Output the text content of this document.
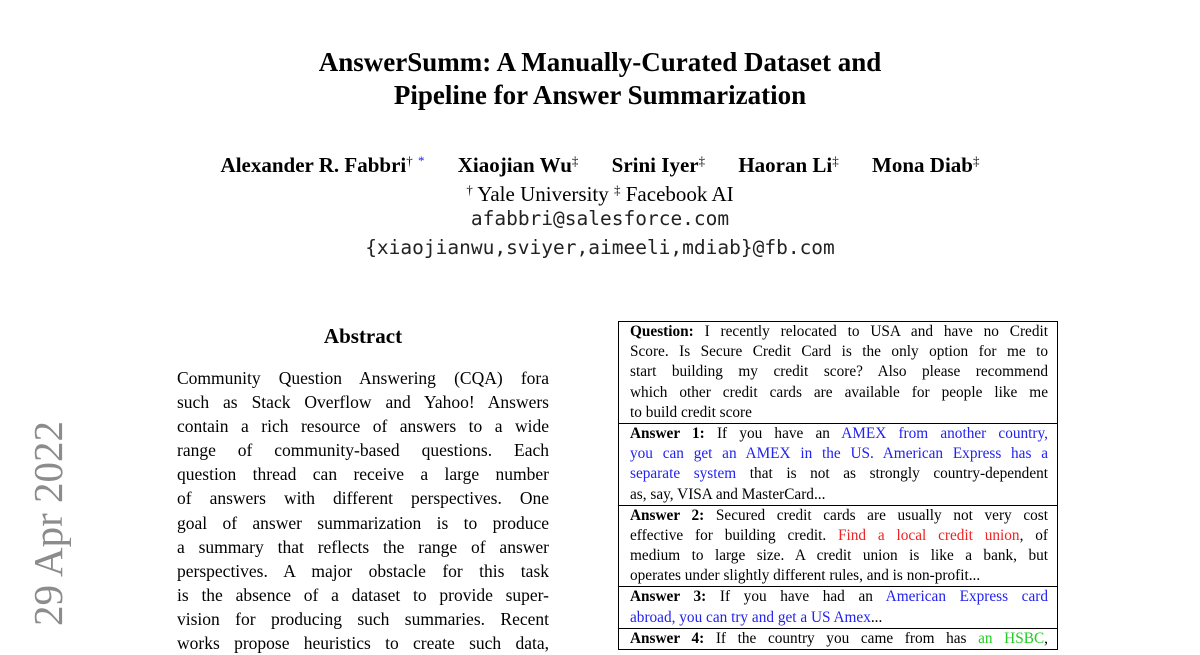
AnswerSumm: A Manually-Curated Dataset and
Pipeline for Answer Summarization
Alexander R. Fabbri† * Xiaojian Wu‡ Srini Iyer‡ Haoran Li‡ Mona Diab‡
† Yale University ‡ Facebook AI
afabbri@salesforce.com
{xiaojianwu,sviyer,aimeeli,mdiab}@fb.com
29 Apr 2022
Abstract
Community Question Answering (CQA) fora
such as Stack Overflow and Yahoo! Answers
contain a rich resource of answers to a wide
range of community-based questions. Each
question thread can receive a large number
of answers with different perspectives. One
goal of answer summarization is to produce
a summary that reflects the range of answer
perspectives. A major obstacle for this task
is the absence of a dataset to provide super-
vision for producing such summaries. Recent
works propose heuristics to create such data,
Question: I recently relocated to USA and have no Credit
Score. Is Secure Credit Card is the only option for me to
start building my credit score? Also please recommend
which other credit cards are available for people like me
to build credit score
Answer 1: If you have an AMEX from another country,
you can get an AMEX in the US. American Express has a
separate system that is not as strongly country-dependent
as, say, VISA and MasterCard...
Answer 2: Secured credit cards are usually not very cost
effective for building credit. Find a local credit union, of
medium to large size. A credit union is like a bank, but
operates under slightly different rules, and is non-profit...
Answer 3: If you have had an American Express card
abroad, you can try and get a US Amex...
Answer 4: If the country you came from has an HSBC,
